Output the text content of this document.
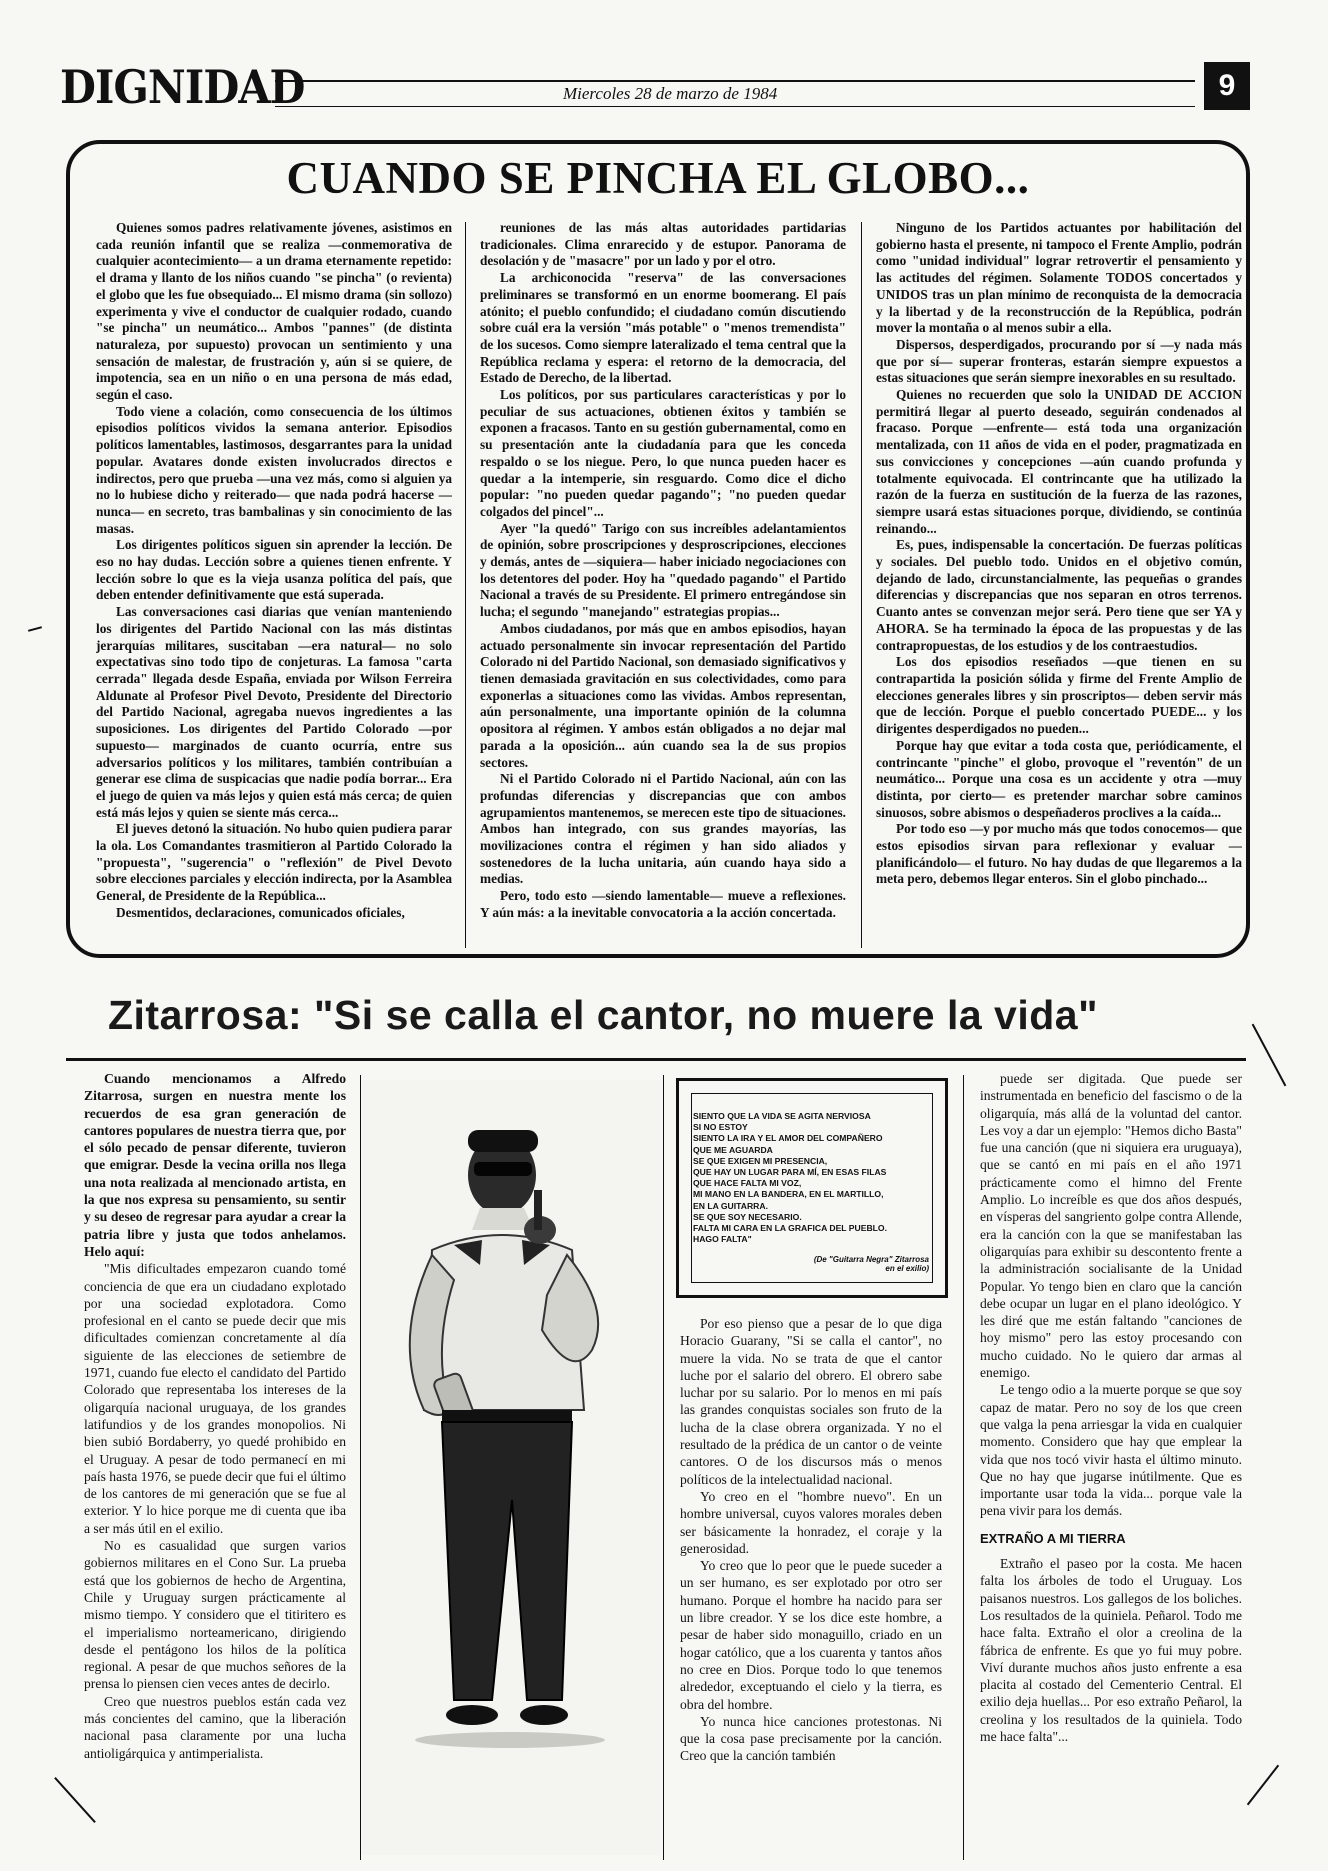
DIGNIDAD	Miercoles 28 de marzo de 1984	9
CUANDO SE PINCHA EL GLOBO...

Quienes somos padres relativamente jóvenes, asistimos en cada reunión infantil que se realiza —conmemorativa de cualquier acontecimiento— a un drama eternamente repetido: el drama y llanto de los niños cuando "se pincha" (o revienta) el globo que les fue obsequiado... El mismo drama (sin sollozo) experimenta y vive el conductor de cualquier rodado, cuando "se pincha" un neumático... Ambos "pannes" (de distinta naturaleza, por supuesto) provocan un sentimiento y una sensación de malestar, de frustración y, aún si se quiere, de impotencia, sea en un niño o en una persona de más edad, según el caso.

Todo viene a colación, como consecuencia de los últimos episodios políticos vividos la semana anterior. Episodios políticos lamentables, lastimosos, desgarrantes para la unidad popular. Avatares donde existen involucrados directos e indirectos, pero que prueba —una vez más, como si alguien ya no lo hubiese dicho y reiterado— que nada podrá hacerse —nunca— en secreto, tras bambalinas y sin conocimiento de las masas.

Los dirigentes políticos siguen sin aprender la lección. De eso no hay dudas. Lección sobre a quienes tienen enfrente. Y lección sobre lo que es la vieja usanza política del país, que deben entender definitivamente que está superada.

Las conversaciones casi diarias que venían manteniendo los dirigentes del Partido Nacional con las más distintas jerarquías militares, suscitaban —era natural— no solo expectativas sino todo tipo de conjeturas. La famosa "carta cerrada" llegada desde España, enviada por Wilson Ferreira Aldunate al Profesor Pivel Devoto, Presidente del Directorio del Partido Nacional, agregaba nuevos ingredientes a las suposiciones. Los dirigentes del Partido Colorado —por supuesto— marginados de cuanto ocurría, entre sus adversarios políticos y los militares, también contribuían a generar ese clima de suspicacias que nadie podía borrar... Era el juego de quien va más lejos y quien está más cerca; de quien está más lejos y quien se siente más cerca...

El jueves detonó la situación. No hubo quien pudiera parar la ola. Los Comandantes trasmitieron al Partido Colorado la "propuesta", "sugerencia" o "reflexión" de Pivel Devoto sobre elecciones parciales y elección indirecta, por la Asamblea General, de Presidente de la República...

Desmentidos, declaraciones, comunicados oficiales,

reuniones de las más altas autoridades partidarias tradicionales. Clima enrarecido y de estupor. Panorama de desolación y de "masacre" por un lado y por el otro.

La archiconocida "reserva" de las conversaciones preliminares se transformó en un enorme boomerang. El país atónito; el pueblo confundido; el ciudadano común discutiendo sobre cuál era la versión "más potable" o "menos tremendista" de los sucesos. Como siempre lateralizado el tema central que la República reclama y espera: el retorno de la democracia, del Estado de Derecho, de la libertad.

Los políticos, por sus particulares características y por lo peculiar de sus actuaciones, obtienen éxitos y también se exponen a fracasos. Tanto en su gestión gubernamental, como en su presentación ante la ciudadanía para que les conceda respaldo o se los niegue. Pero, lo que nunca pueden hacer es quedar a la intemperie, sin resguardo. Como dice el dicho popular: "no pueden quedar pagando"; "no pueden quedar colgados del pincel"...

Ayer "la quedó" Tarigo con sus increíbles adelantamientos de opinión, sobre proscripciones y desproscripciones, elecciones y demás, antes de —siquiera— haber iniciado negociaciones con los detentores del poder. Hoy ha "quedado pagando" el Partido Nacional a través de su Presidente. El primero entregándose sin lucha; el segundo "manejando" estrategias propias...

Ambos ciudadanos, por más que en ambos episodios, hayan actuado personalmente sin invocar representación del Partido Colorado ni del Partido Nacional, son demasiado significativos y tienen demasiada gravitación en sus colectividades, como para exponerlas a situaciones como las vividas. Ambos representan, aún personalmente, una importante opinión de la columna opositora al régimen. Y ambos están obligados a no dejar mal parada a la oposición... aún cuando sea la de sus propios sectores.

Ni el Partido Colorado ni el Partido Nacional, aún con las profundas diferencias y discrepancias que con ambos agrupamientos mantenemos, se merecen este tipo de situaciones. Ambos han integrado, con sus grandes mayorías, las movilizaciones contra el régimen y han sido aliados y sostenedores de la lucha unitaria, aún cuando haya sido a medias.

Pero, todo esto —siendo lamentable— mueve a reflexiones. Y aún más: a la inevitable convocatoria a la acción concertada.

Ninguno de los Partidos actuantes por habilitación del gobierno hasta el presente, ni tampoco el Frente Amplio, podrán como "unidad individual" lograr retrovertir el pensamiento y las actitudes del régimen. Solamente TODOS concertados y UNIDOS tras un plan mínimo de reconquista de la democracia y la libertad y de la reconstrucción de la República, podrán mover la montaña o al menos subir a ella.

Dispersos, desperdigados, procurando por sí —y nada más que por sí— superar fronteras, estarán siempre expuestos a estas situaciones que serán siempre inexorables en su resultado.

Quienes no recuerden que solo la UNIDAD DE ACCION permitirá llegar al puerto deseado, seguirán condenados al fracaso. Porque —enfrente— está toda una organización mentalizada, con 11 años de vida en el poder, pragmatizada en sus convicciones y concepciones —aún cuando profunda y totalmente equivocada. El contrincante que ha utilizado la razón de la fuerza en sustitución de la fuerza de las razones, siempre usará estas situaciones porque, dividiendo, se continúa reinando...

Es, pues, indispensable la concertación. De fuerzas políticas y sociales. Del pueblo todo. Unidos en el objetivo común, dejando de lado, circunstancialmente, las pequeñas o grandes diferencias y discrepancias que nos separan en otros terrenos. Cuanto antes se convenzan mejor será. Pero tiene que ser YA y AHORA. Se ha terminado la época de las propuestas y de las contrapropuestas, de los estudios y de los contraestudios.

Los dos episodios reseñados —que tienen en su contrapartida la posición sólida y firme del Frente Amplio de elecciones generales libres y sin proscriptos— deben servir más que de lección. Porque el pueblo concertado PUEDE... y los dirigentes desperdigados no pueden...

Porque hay que evitar a toda costa que, periódicamente, el contrincante "pinche" el globo, provoque el "reventón" de un neumático... Porque una cosa es un accidente y otra —muy distinta, por cierto— es pretender marchar sobre caminos sinuosos, sobre abismos o despeñaderos proclives a la caída...

Por todo eso —y por mucho más que todos conocemos— que estos episodios sirvan para reflexionar y evaluar —planificándolo— el futuro. No hay dudas de que llegaremos a la meta pero, debemos llegar enteros. Sin el globo pinchado...

Zitarrosa: "Si se calla el cantor, no muere la vida"

Cuando mencionamos a Alfredo Zitarrosa, surgen en nuestra mente los recuerdos de esa gran generación de cantores populares de nuestra tierra que, por el sólo pecado de pensar diferente, tuvieron que emigrar. Desde la vecina orilla nos llega una nota realizada al mencionado artista, en la que nos expresa su pensamiento, su sentir y su deseo de regresar para ayudar a crear la patria libre y justa que todos anhelamos. Helo aquí:

"Mis dificultades empezaron cuando tomé conciencia de que era un ciudadano explotado por una sociedad explotadora. Como profesional en el canto se puede decir que mis dificultades comienzan concretamente al día siguiente de las elecciones de setiembre de 1971, cuando fue electo el candidato del Partido Colorado que representaba los intereses de la oligarquía nacional uruguaya, de los grandes latifundios y de los grandes monopolios. Ni bien subió Bordaberry, yo quedé prohibido en el Uruguay. A pesar de todo permanecí en mi país hasta 1976, se puede decir que fui el último de los cantores de mi generación que se fue al exterior. Y lo hice porque me di cuenta que iba a ser más útil en el exilio.

No es casualidad que surgen varios gobiernos militares en el Cono Sur. La prueba está que los gobiernos de hecho de Argentina, Chile y Uruguay surgen prácticamente al mismo tiempo. Y considero que el titiritero es el imperialismo norteamericano, dirigiendo desde el pentágono los hilos de la política regional. A pesar de que muchos señores de la prensa lo piensen cien veces antes de decirlo.

Creo que nuestros pueblos están cada vez más concientes del camino, que la liberación nacional pasa claramente por una lucha antioligárquica y antimperialista.

SIENTO QUE LA VIDA SE AGITA NERVIOSA
SI NO ESTOY
SIENTO LA IRA Y EL AMOR DEL COMPAÑERO
QUE ME AGUARDA
SE QUE EXIGEN MI PRESENCIA,
QUE HAY UN LUGAR PARA MÍ, EN ESAS FILAS
QUE HACE FALTA MI VOZ,
MI MANO EN LA BANDERA, EN EL MARTILLO,
EN LA GUITARRA.
SE QUE SOY NECESARIO.
FALTA MI CARA EN LA GRAFICA DEL PUEBLO.
HAGO FALTA"
(De "Guitarra Negra" Zitarrosa en el exilio)

Por eso pienso que a pesar de lo que diga Horacio Guarany, "Si se calla el cantor", no muere la vida. No se trata de que el cantor luche por el salario del obrero. El obrero sabe luchar por su salario. Por lo menos en mi país las grandes conquistas sociales son fruto de la lucha de la clase obrera organizada. Y no el resultado de la prédica de un cantor o de veinte cantores. O de los discursos más o menos políticos de la intelectualidad nacional.

Yo creo en el "hombre nuevo". En un hombre universal, cuyos valores morales deben ser básicamente la honradez, el coraje y la generosidad.

Yo creo que lo peor que le puede suceder a un ser humano, es ser explotado por otro ser humano. Porque el hombre ha nacido para ser un libre creador. Y se los dice este hombre, a pesar de haber sido monaguillo, criado en un hogar católico, que a los cuarenta y tantos años no cree en Dios. Porque todo lo que tenemos alrededor, exceptuando el cielo y la tierra, es obra del hombre.

Yo nunca hice canciones protestonas. Ni que la cosa pase precisamente por la canción. Creo que la canción también

puede ser digitada. Que puede ser instrumentada en beneficio del fascismo o de la oligarquía, más allá de la voluntad del cantor. Les voy a dar un ejemplo: "Hemos dicho Basta" fue una canción (que ni siquiera era uruguaya), que se cantó en mi país en el año 1971 prácticamente como el himno del Frente Amplio. Lo increíble es que dos años después, en vísperas del sangriento golpe contra Allende, era la canción con la que se manifestaban las oligarquías para exhibir su descontento frente a la administración socialisante de la Unidad Popular. Yo tengo bien en claro que la canción debe ocupar un lugar en el plano ideológico. Y les diré que me están faltando "canciones de hoy mismo" pero las estoy procesando con mucho cuidado. No le quiero dar armas al enemigo.

Le tengo odio a la muerte porque se que soy capaz de matar. Pero no soy de los que creen que valga la pena arriesgar la vida en cualquier momento. Considero que hay que emplear la vida que nos tocó vivir hasta el último minuto. Que no hay que jugarse inútilmente. Que es importante usar toda la vida... porque vale la pena vivir para los demás.

EXTRAÑO A MI TIERRA

Extraño el paseo por la costa. Me hacen falta los árboles de todo el Uruguay. Los paisanos nuestros. Los gallegos de los boliches. Los resultados de la quiniela. Peñarol. Todo me hace falta. Extraño el olor a creolina de la fábrica de enfrente. Es que yo fui muy pobre. Viví durante muchos años justo enfrente a esa placita al costado del Cementerio Central. El exilio deja huellas... Por eso extraño Peñarol, la creolina y los resultados de la quiniela. Todo me hace falta"...
